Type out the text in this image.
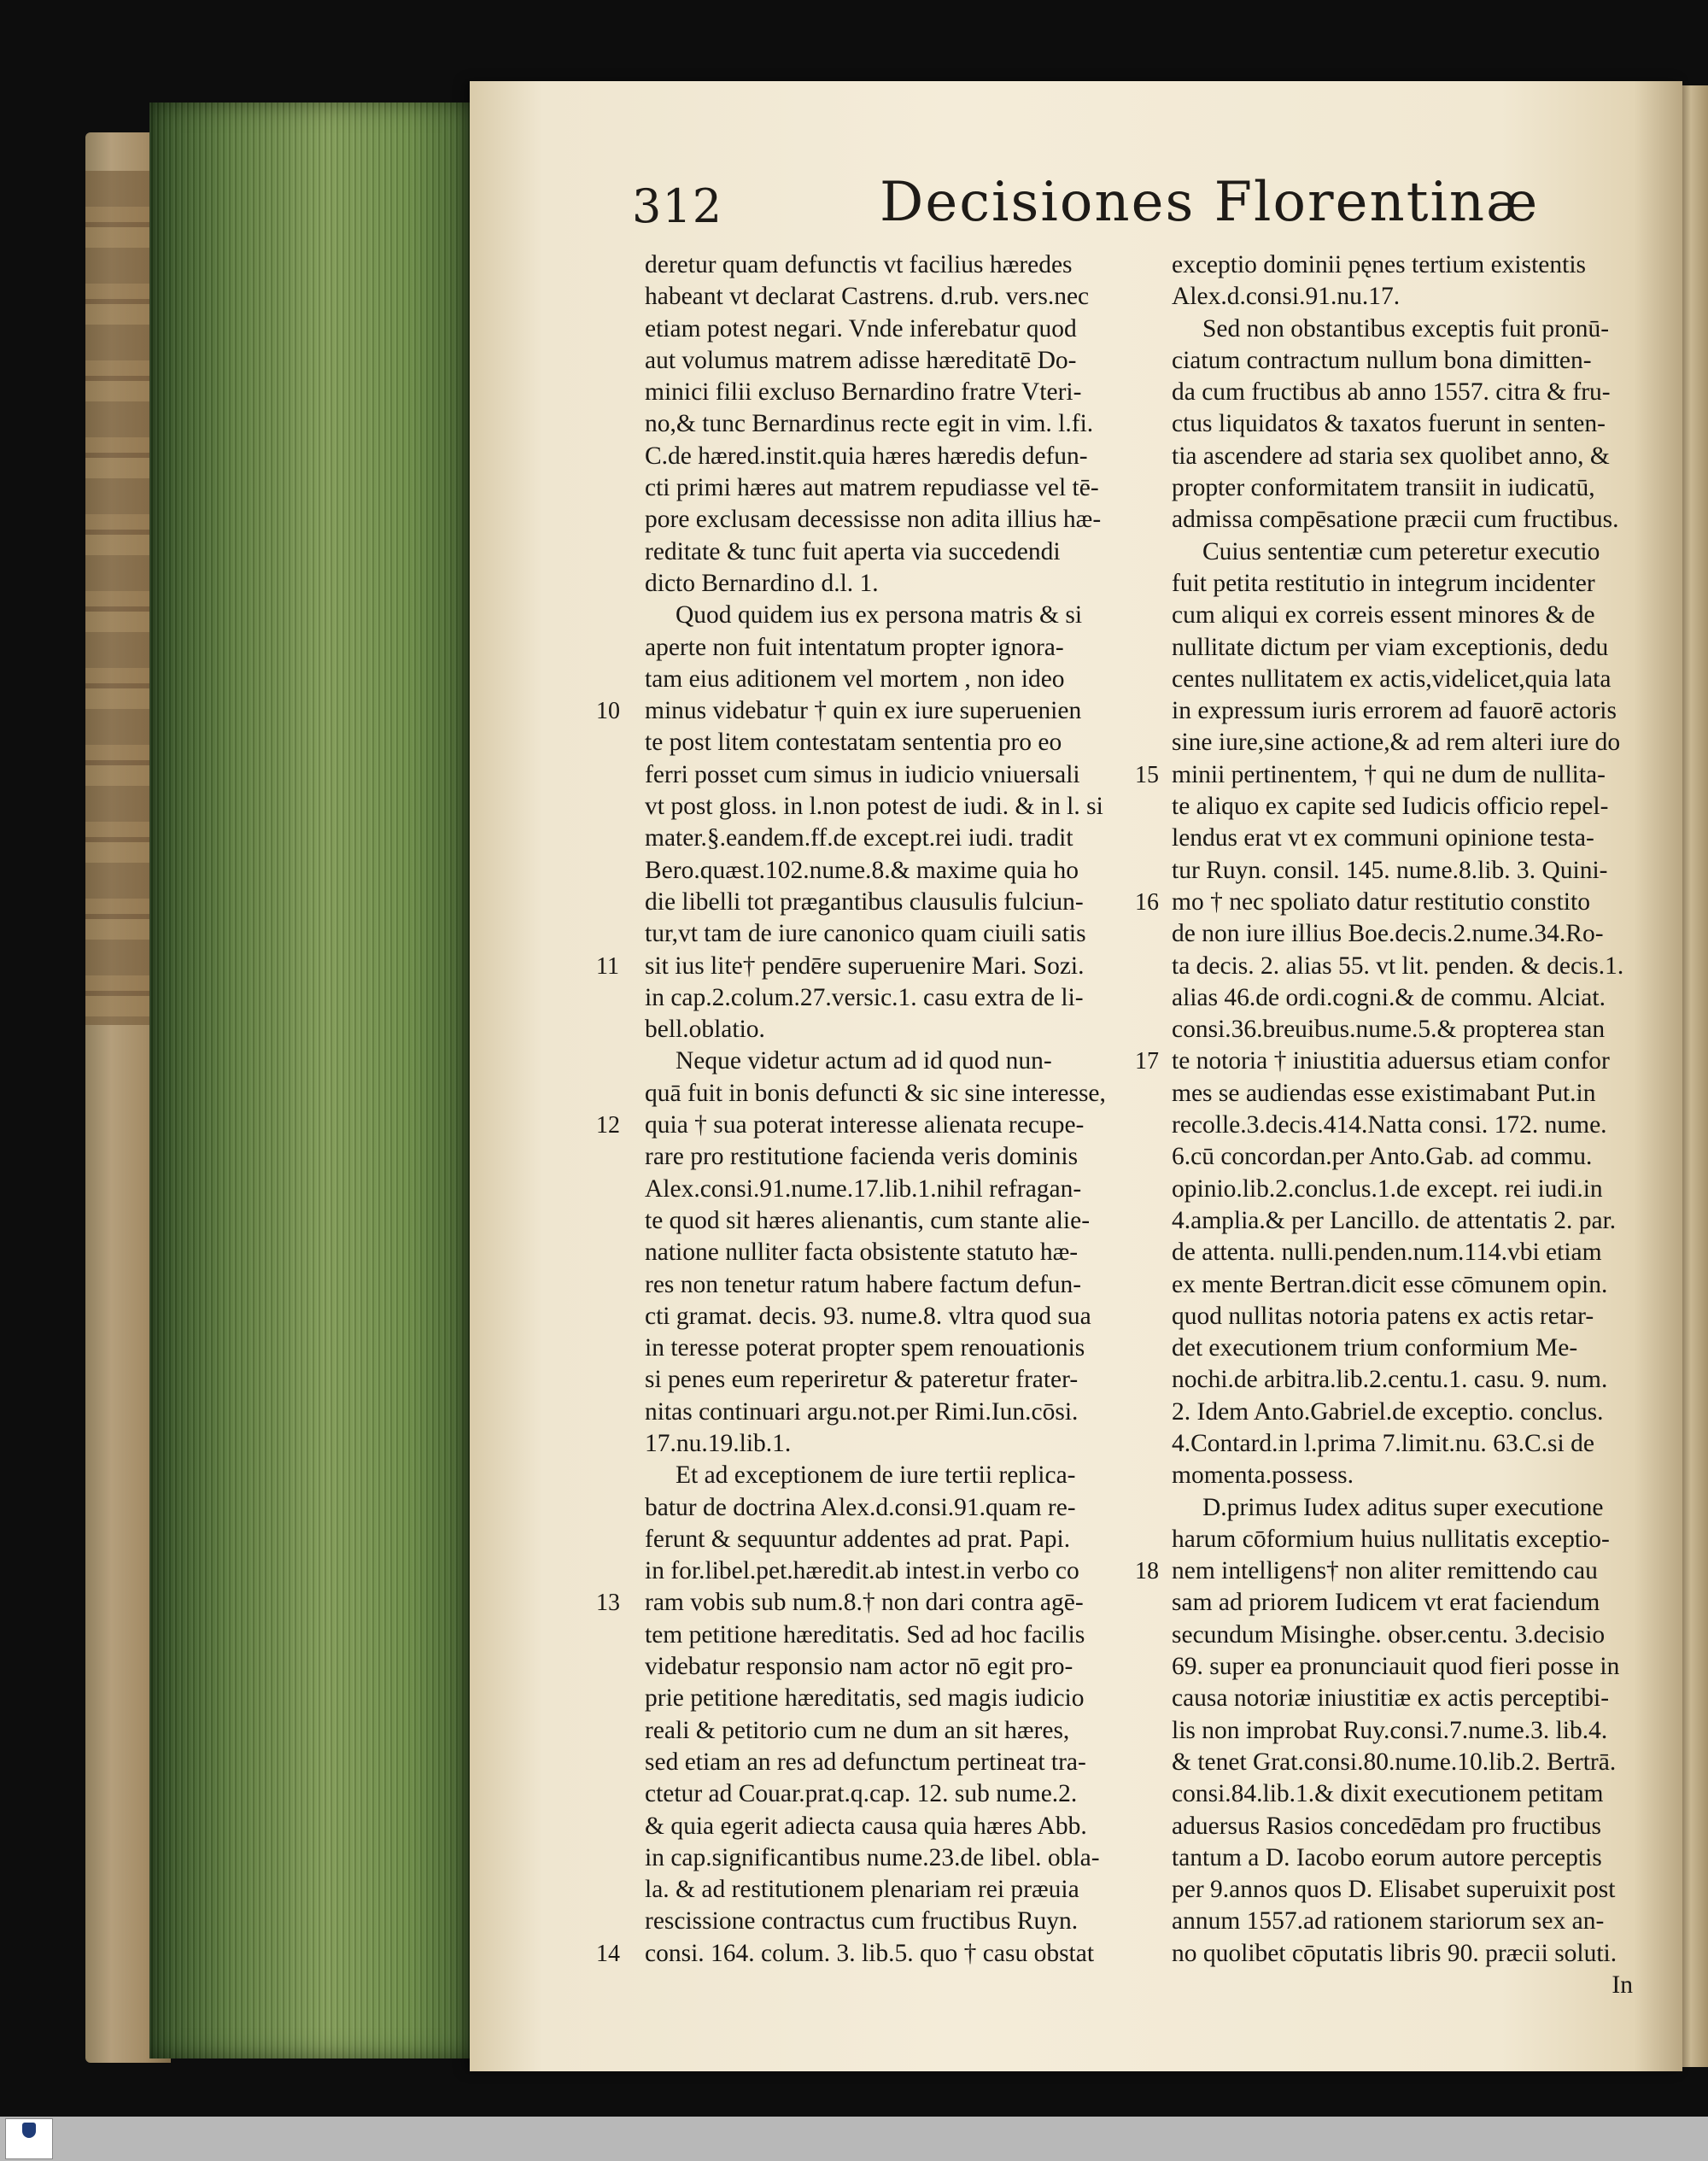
312	Decisiones Florentinæ
deretur quam defunctis vt facilius hæredes
habeant vt declarat Castrens. d.rub. vers.nec
etiam potest negari. Vnde inferebatur quod
aut volumus matrem adisse hæreditatē Do-
minici filii excluso Bernardino fratre Vteri-
no,& tunc Bernardinus recte egit in vim. l.fi.
C.de hæred.instit.quia hæres hæredis defun-
cti primi hæres aut matrem repudiasse vel tē-
pore exclusam decessisse non adita illius hæ-
reditate & tunc fuit aperta via succedendi
dicto Bernardino d.l. 1.
Quod quidem ius ex persona matris & si
aperte non fuit intentatum propter ignora-
tam eius aditionem vel mortem , non ideo
10 minus videbatur † quin ex iure superuenien
te post litem contestatam sententia pro eo
ferri posset cum simus in iudicio vniuersali
vt post gloss. in l.non potest de iudi. & in l. si
mater.§.eandem.ff.de except.rei iudi. tradit
Bero.quæst.102.nume.8.& maxime quia ho
die libelli tot prægantibus clausulis fulciun-
tur,vt tam de iure canonico quam ciuili satis
11 sit ius lite† pendēre superuenire Mari. Sozi.
in cap.2.colum.27.versic.1. casu extra de li-
bell.oblatio.
Neque videtur actum ad id quod nun-
quā fuit in bonis defuncti & sic sine interesse,
12 quia † sua poterat interesse alienata recupe-
rare pro restitutione facienda veris dominis
Alex.consi.91.nume.17.lib.1.nihil refragan-
te quod sit hæres alienantis, cum stante alie-
natione nulliter facta obsistente statuto hæ-
res non tenetur ratum habere factum defun-
cti gramat. decis. 93. nume.8. vltra quod sua
in teresse poterat propter spem renouationis
si penes eum reperiretur & pateretur frater-
nitas continuari argu.not.per Rimi.Iun.cōsi.
17.nu.19.lib.1.
Et ad exceptionem de iure tertii replica-
batur de doctrina Alex.d.consi.91.quam re-
ferunt & sequuntur addentes ad prat. Papi.
in for.libel.pet.hæredit.ab intest.in verbo co
13 ram vobis sub num.8.† non dari contra agē-
tem petitione hæreditatis. Sed ad hoc facilis
videbatur responsio nam actor nō egit pro-
prie petitione hæreditatis, sed magis iudicio
reali & petitorio cum ne dum an sit hæres,
sed etiam an res ad defunctum pertineat tra-
ctetur ad Couar.prat.q.cap. 12. sub nume.2.
& quia egerit adiecta causa quia hæres Abb.
in cap.significantibus nume.23.de libel. obla-
la. & ad restitutionem plenariam rei præuia
rescissione contractus cum fructibus Ruyn.
14 consi. 164. colum. 3. lib.5. quo † casu obstat
exceptio dominii pęnes tertium existentis
Alex.d.consi.91.nu.17.
Sed non obstantibus exceptis fuit pronū-
ciatum contractum nullum bona dimitten-
da cum fructibus ab anno 1557. citra & fru-
ctus liquidatos & taxatos fuerunt in senten-
tia ascendere ad staria sex quolibet anno, &
propter conformitatem transiit in iudicatū,
admissa compēsatione præcii cum fructibus.
Cuius sententiæ cum peteretur executio
fuit petita restitutio in integrum incidenter
cum aliqui ex correis essent minores & de
nullitate dictum per viam exceptionis, dedu
centes nullitatem ex actis,videlicet,quia lata
in expressum iuris errorem ad fauorē actoris
sine iure,sine actione,& ad rem alteri iure do
15 minii pertinentem, † qui ne dum de nullita-
te aliquo ex capite sed Iudicis officio repel-
lendus erat vt ex communi opinione testa-
tur Ruyn. consil. 145. nume.8.lib. 3. Quini-
16 mo † nec spoliato datur restitutio constito
de non iure illius Boe.decis.2.nume.34.Ro-
ta decis. 2. alias 55. vt lit. penden. & decis.1.
alias 46.de ordi.cogni.& de commu. Alciat.
consi.36.breuibus.nume.5.& propterea stan
17 te notoria † iniustitia aduersus etiam confor
mes se audiendas esse existimabant Put.in
recolle.3.decis.414.Natta consi. 172. nume.
6.cū concordan.per Anto.Gab. ad commu.
opinio.lib.2.conclus.1.de except. rei iudi.in
4.amplia.& per Lancillo. de attentatis 2. par.
de attenta. nulli.penden.num.114.vbi etiam
ex mente Bertran.dicit esse cōmunem opin.
quod nullitas notoria patens ex actis retar-
det executionem trium conformium Me-
nochi.de arbitra.lib.2.centu.1. casu. 9. num.
2. Idem Anto.Gabriel.de exceptio. conclus.
4.Contard.in l.prima 7.limit.nu. 63.C.si de
momenta.possess.
D.primus Iudex aditus super executione
harum cōformium huius nullitatis exceptio-
18 nem intelligens† non aliter remittendo cau
sam ad priorem Iudicem vt erat faciendum
secundum Misinghe. obser.centu. 3.decisio
69. super ea pronunciauit quod fieri posse in
causa notoriæ iniustitiæ ex actis perceptibi-
lis non improbat Ruy.consi.7.nume.3. lib.4.
& tenet Grat.consi.80.nume.10.lib.2. Bertrā.
consi.84.lib.1.& dixit executionem petitam
aduersus Rasios concedēdam pro fructibus
tantum a D. Iacobo eorum autore perceptis
per 9.annos quos D. Elisabet superuixit post
annum 1557.ad rationem stariorum sex an-
no quolibet cōputatis libris 90. præcii soluti.
In
